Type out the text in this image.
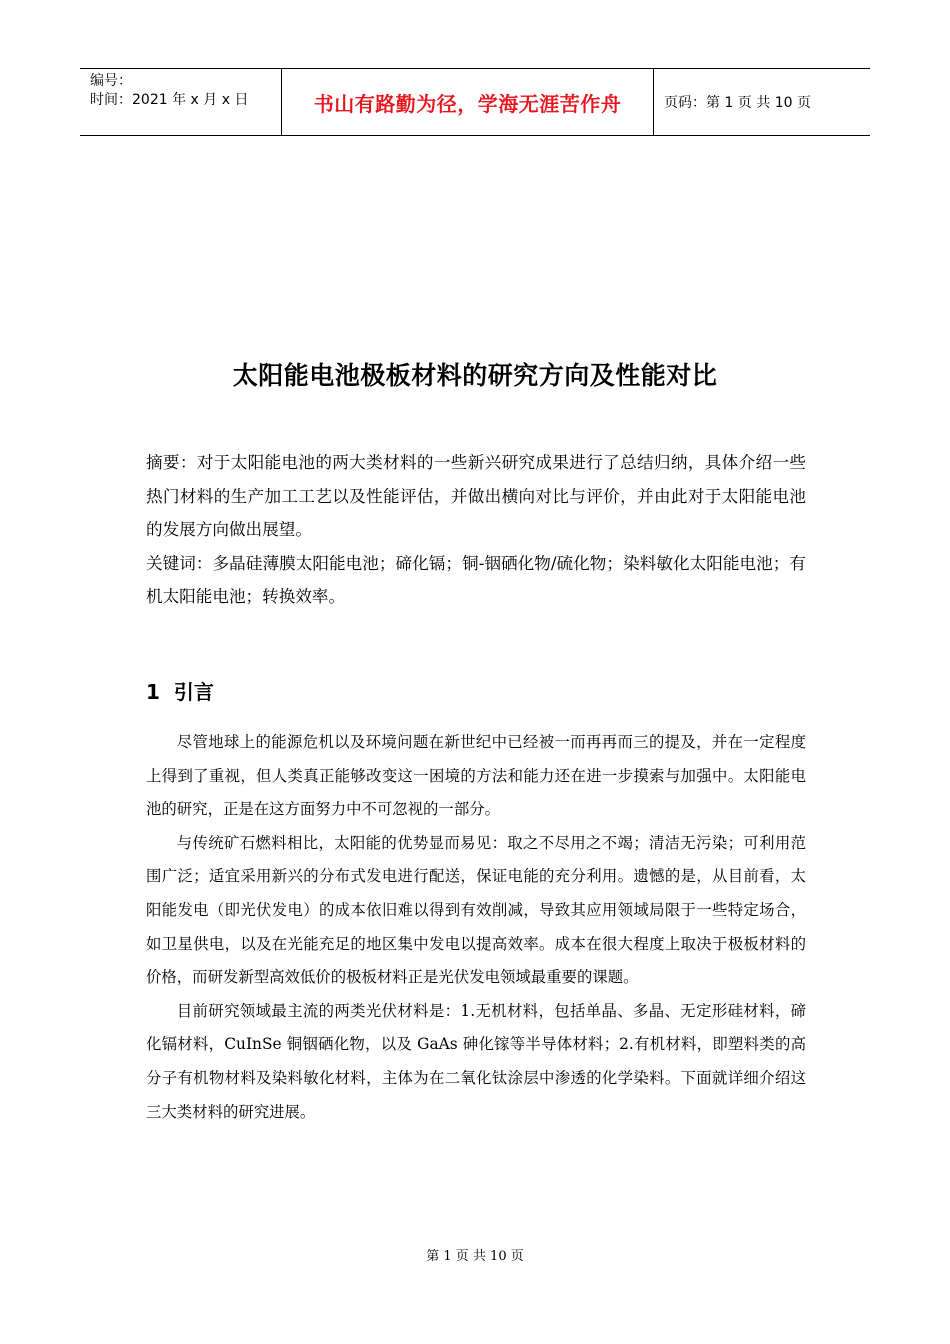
编号：
时间：2021 年 x 月 x 日	书山有路勤为径，学海无涯苦作舟	页码：第 1 页 共 10 页
太阳能电池极板材料的研究方向及性能对比

摘要：对于太阳能电池的两大类材料的一些新兴研究成果进行了总结归纳，具体介绍一些热门材料的生产加工工艺以及性能评估，并做出横向对比与评价，并由此对于太阳能电池的发展方向做出展望。

关键词：多晶硅薄膜太阳能电池；碲化镉；铜-铟硒化物/硫化物；染料敏化太阳能电池；有机太阳能电池；转换效率。

1 引言

尽管地球上的能源危机以及环境问题在新世纪中已经被一而再再而三的提及，并在一定程度上得到了重视，但人类真正能够改变这一困境的方法和能力还在进一步摸索与加强中。太阳能电池的研究，正是在这方面努力中不可忽视的一部分。

与传统矿石燃料相比，太阳能的优势显而易见：取之不尽用之不竭；清洁无污染；可利用范围广泛；适宜采用新兴的分布式发电进行配送，保证电能的充分利用。遗憾的是，从目前看，太阳能发电（即光伏发电）的成本依旧难以得到有效削减，导致其应用领域局限于一些特定场合，如卫星供电，以及在光能充足的地区集中发电以提高效率。成本在很大程度上取决于极板材料的价格，而研发新型高效低价的极板材料正是光伏发电领域最重要的课题。

目前研究领域最主流的两类光伏材料是：1.无机材料，包括单晶、多晶、无定形硅材料，碲化镉材料，CuInSe 铜铟硒化物，以及 GaAs 砷化镓等半导体材料；2.有机材料，即塑料类的高分子有机物材料及染料敏化材料，主体为在二氧化钛涂层中渗透的化学染料。下面就详细介绍这三大类材料的研究进展。

第 1 页 共 10 页
